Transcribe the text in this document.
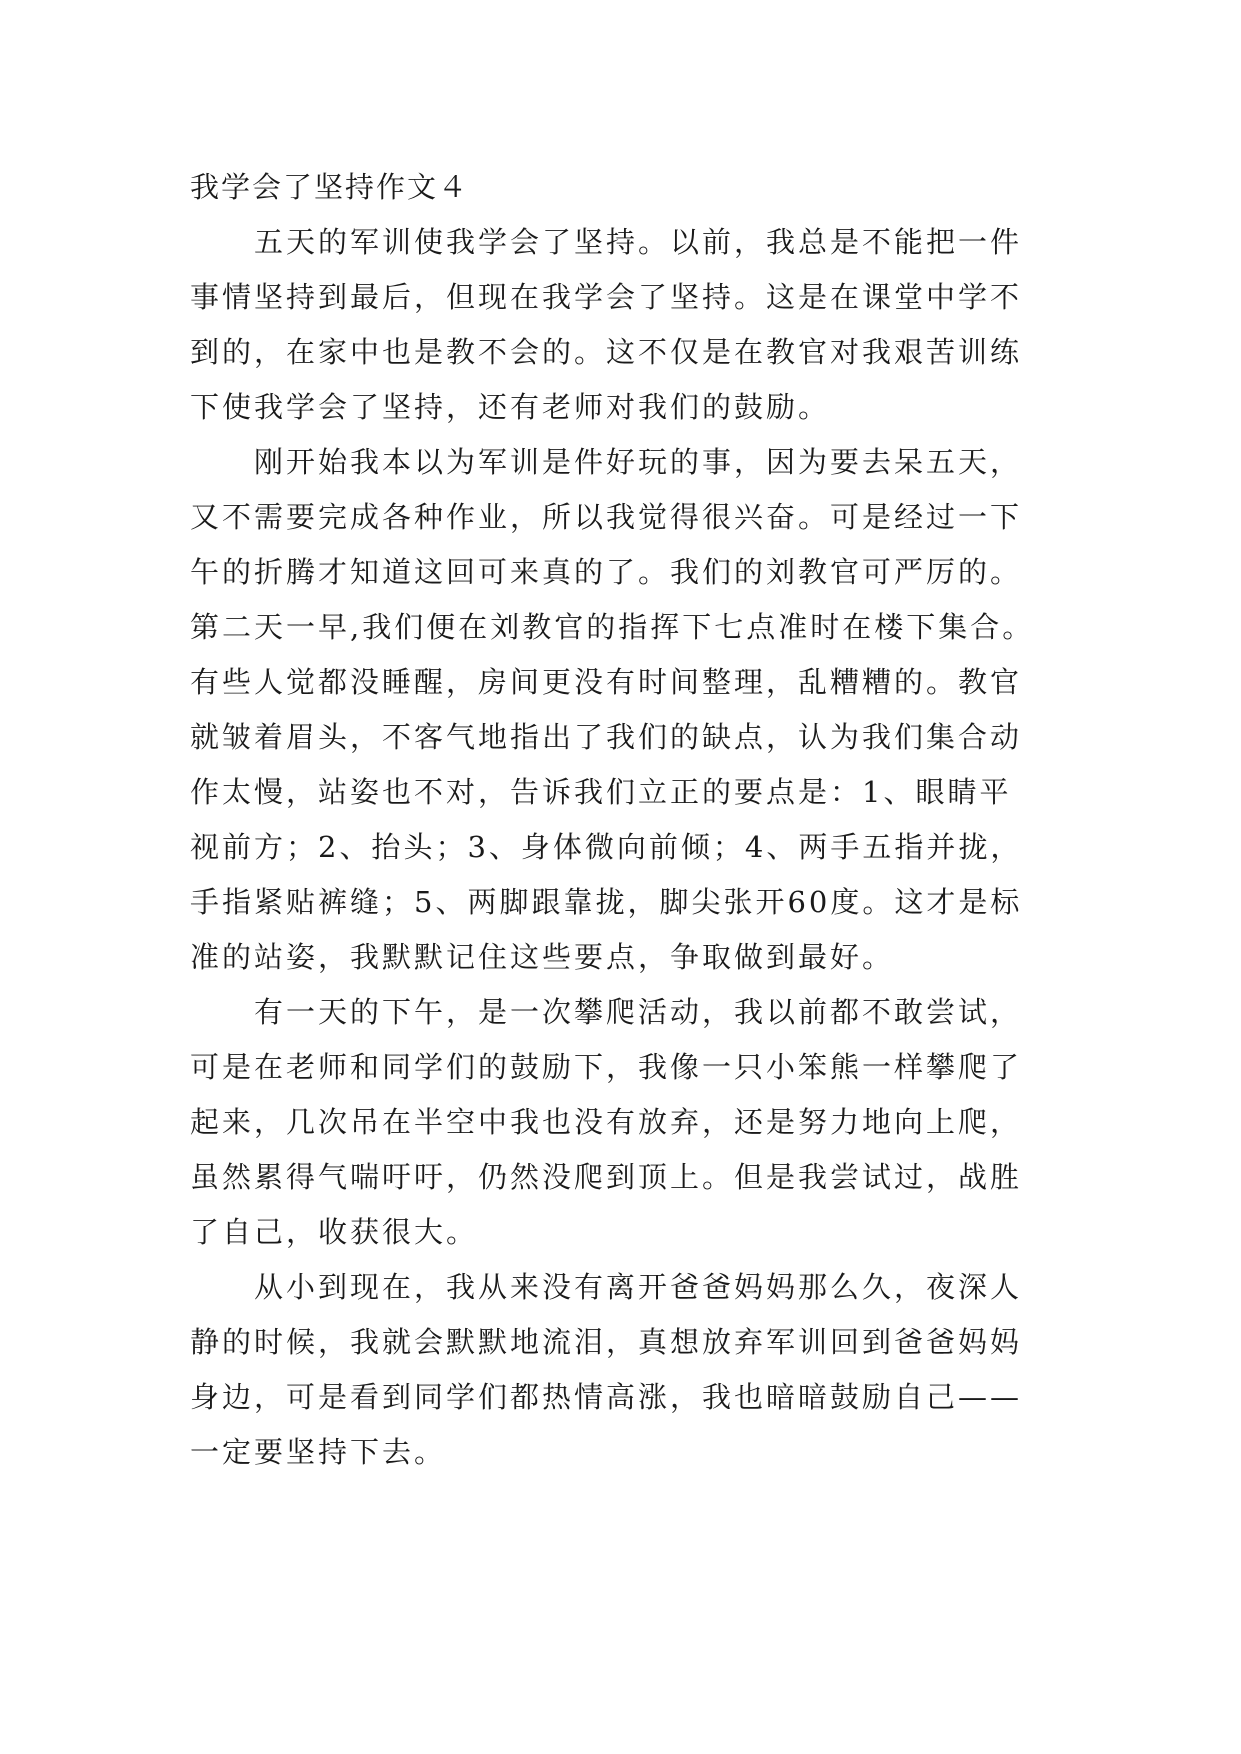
我学会了坚持作文４
　　五天的军训使我学会了坚持。以前，我总是不能把一件
事情坚持到最后，但现在我学会了坚持。这是在课堂中学不
到的，在家中也是教不会的。这不仅是在教官对我艰苦训练
下使我学会了坚持，还有老师对我们的鼓励。
　　刚开始我本以为军训是件好玩的事，因为要去呆五天，
又不需要完成各种作业，所以我觉得很兴奋。可是经过一下
午的折腾才知道这回可来真的了。我们的刘教官可严厉的。
第二天一早,我们便在刘教官的指挥下七点准时在楼下集合。
有些人觉都没睡醒，房间更没有时间整理，乱糟糟的。教官
就皱着眉头，不客气地指出了我们的缺点，认为我们集合动
作太慢，站姿也不对，告诉我们立正的要点是：1、眼睛平
视前方；2、抬头；3、身体微向前倾；4、两手五指并拢，
手指紧贴裤缝；5、两脚跟靠拢，脚尖张开60度。这才是标
准的站姿，我默默记住这些要点，争取做到最好。
　　有一天的下午，是一次攀爬活动，我以前都不敢尝试，
可是在老师和同学们的鼓励下，我像一只小笨熊一样攀爬了
起来，几次吊在半空中我也没有放弃，还是努力地向上爬，
虽然累得气喘吁吁，仍然没爬到顶上。但是我尝试过，战胜
了自己，收获很大。
　　从小到现在，我从来没有离开爸爸妈妈那么久，夜深人
静的时候，我就会默默地流泪，真想放弃军训回到爸爸妈妈
身边，可是看到同学们都热情高涨，我也暗暗鼓励自己——
一定要坚持下去。
